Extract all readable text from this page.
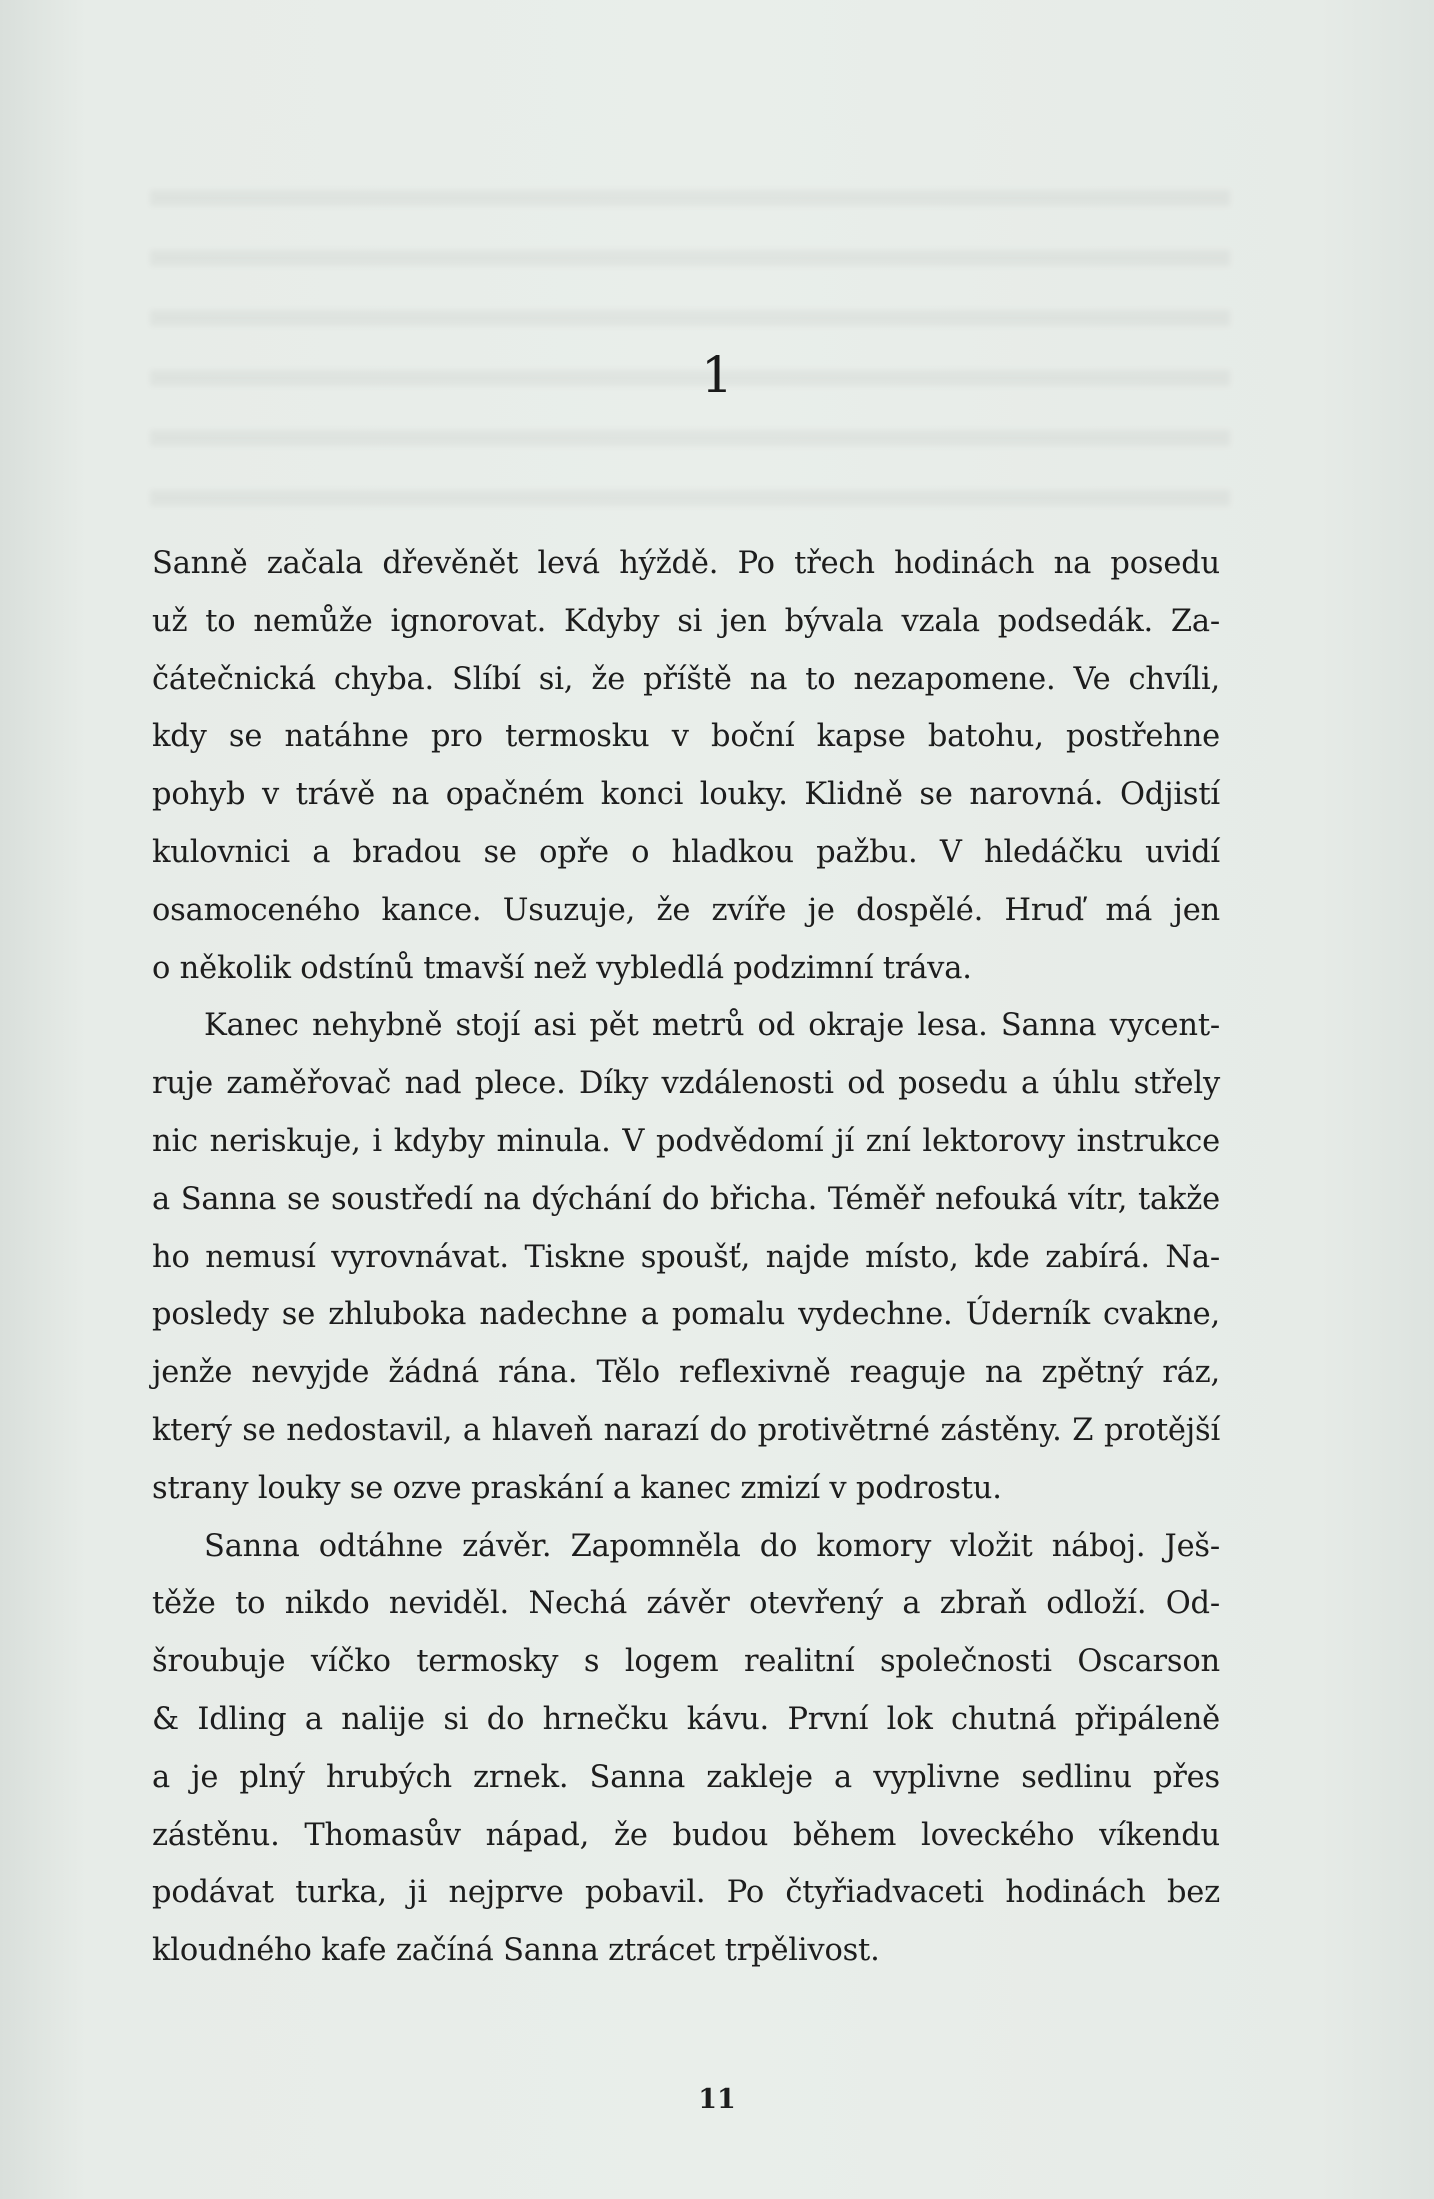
1

Sanně začala dřevěnět levá hýždě. Po třech hodinách na posedu
už to nemůže ignorovat. Kdyby si jen bývala vzala podsedák. Za-
čátečnická chyba. Slíbí si, že příště na to nezapomene. Ve chvíli,
kdy se natáhne pro termosku v boční kapse batohu, postřehne
pohyb v trávě na opačném konci louky. Klidně se narovná. Odjistí
kulovnici a bradou se opře o hladkou pažbu. V hledáčku uvidí
osamoceného kance. Usuzuje, že zvíře je dospělé. Hruď má jen
o několik odstínů tmavší než vybledlá podzimní tráva.

Kanec nehybně stojí asi pět metrů od okraje lesa. Sanna vycent-
ruje zaměřovač nad plece. Díky vzdálenosti od posedu a úhlu střely
nic neriskuje, i kdyby minula. V podvědomí jí zní lektorovy instrukce
a Sanna se soustředí na dýchání do břicha. Téměř nefouká vítr, takže
ho nemusí vyrovnávat. Tiskne spoušť, najde místo, kde zabírá. Na-
posledy se zhluboka nadechne a pomalu vydechne. Úderník cvakne,
jenže nevyjde žádná rána. Tělo reflexivně reaguje na zpětný ráz,
který se nedostavil, a hlaveň narazí do protivětrné zástěny. Z protější
strany louky se ozve praskání a kanec zmizí v podrostu.

Sanna odtáhne závěr. Zapomněla do komory vložit náboj. Ješ-
těže to nikdo neviděl. Nechá závěr otevřený a zbraň odloží. Od-
šroubuje víčko termosky s logem realitní společnosti Oscarson
& Idling a nalije si do hrnečku kávu. První lok chutná připáleně
a je plný hrubých zrnek. Sanna zakleje a vyplivne sedlinu přes
zástěnu. Thomasův nápad, že budou během loveckého víkendu
podávat turka, ji nejprve pobavil. Po čtyřiadvaceti hodinách bez
kloudného kafe začíná Sanna ztrácet trpělivost.

11
